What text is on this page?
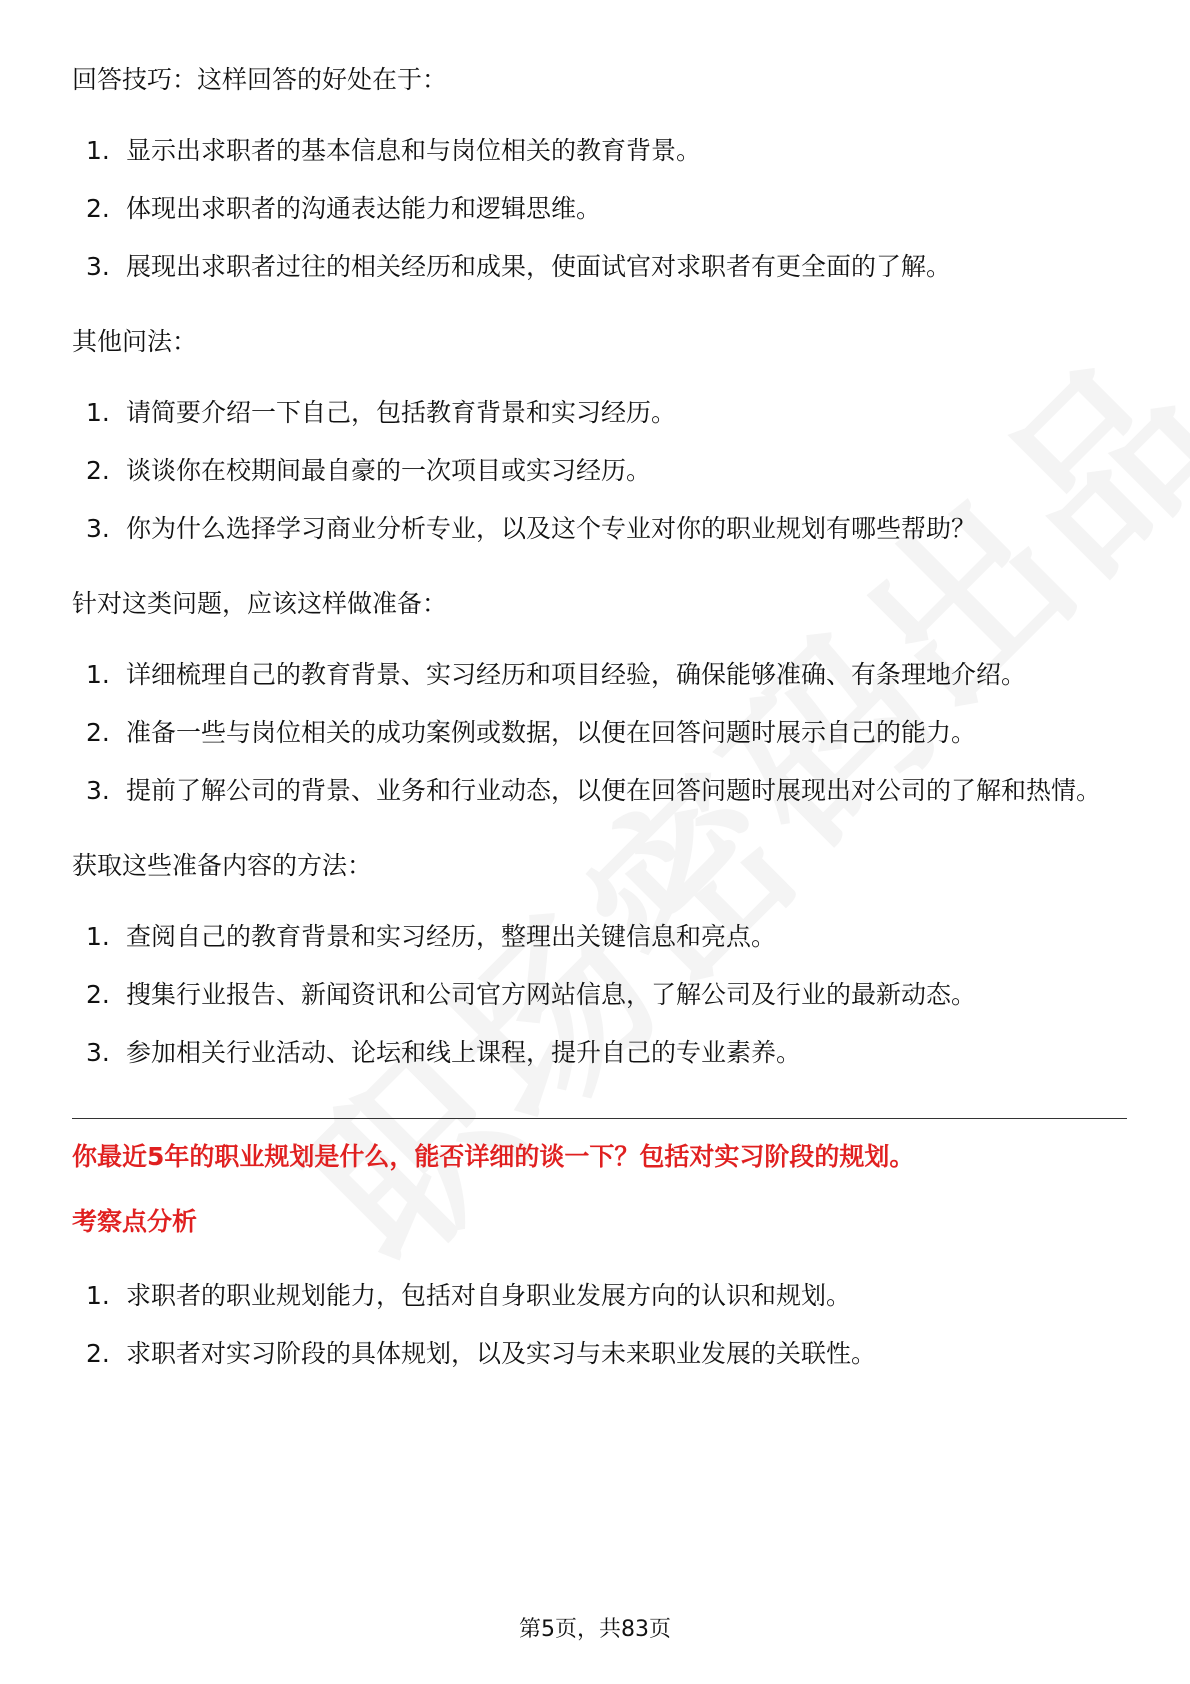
回答技巧：这样回答的好处在于：

1. 显示出求职者的基本信息和与岗位相关的教育背景。
2. 体现出求职者的沟通表达能力和逻辑思维。
3. 展现出求职者过往的相关经历和成果，使面试官对求职者有更全面的了解。

其他问法：

1. 请简要介绍一下自己，包括教育背景和实习经历。
2. 谈谈你在校期间最自豪的一次项目或实习经历。
3. 你为什么选择学习商业分析专业，以及这个专业对你的职业规划有哪些帮助？

针对这类问题，应该这样做准备：

1. 详细梳理自己的教育背景、实习经历和项目经验，确保能够准确、有条理地介绍。
2. 准备一些与岗位相关的成功案例或数据，以便在回答问题时展示自己的能力。
3. 提前了解公司的背景、业务和行业动态，以便在回答问题时展现出对公司的了解和热情。

获取这些准备内容的方法：

1. 查阅自己的教育背景和实习经历，整理出关键信息和亮点。
2. 搜集行业报告、新闻资讯和公司官方网站信息，了解公司及行业的最新动态。
3. 参加相关行业活动、论坛和线上课程，提升自己的专业素养。

你最近5年的职业规划是什么，能否详细的谈一下？包括对实习阶段的规划。

考察点分析

1. 求职者的职业规划能力，包括对自身职业发展方向的认识和规划。
2. 求职者对实习阶段的具体规划，以及实习与未来职业发展的关联性。
第5页，共83页
